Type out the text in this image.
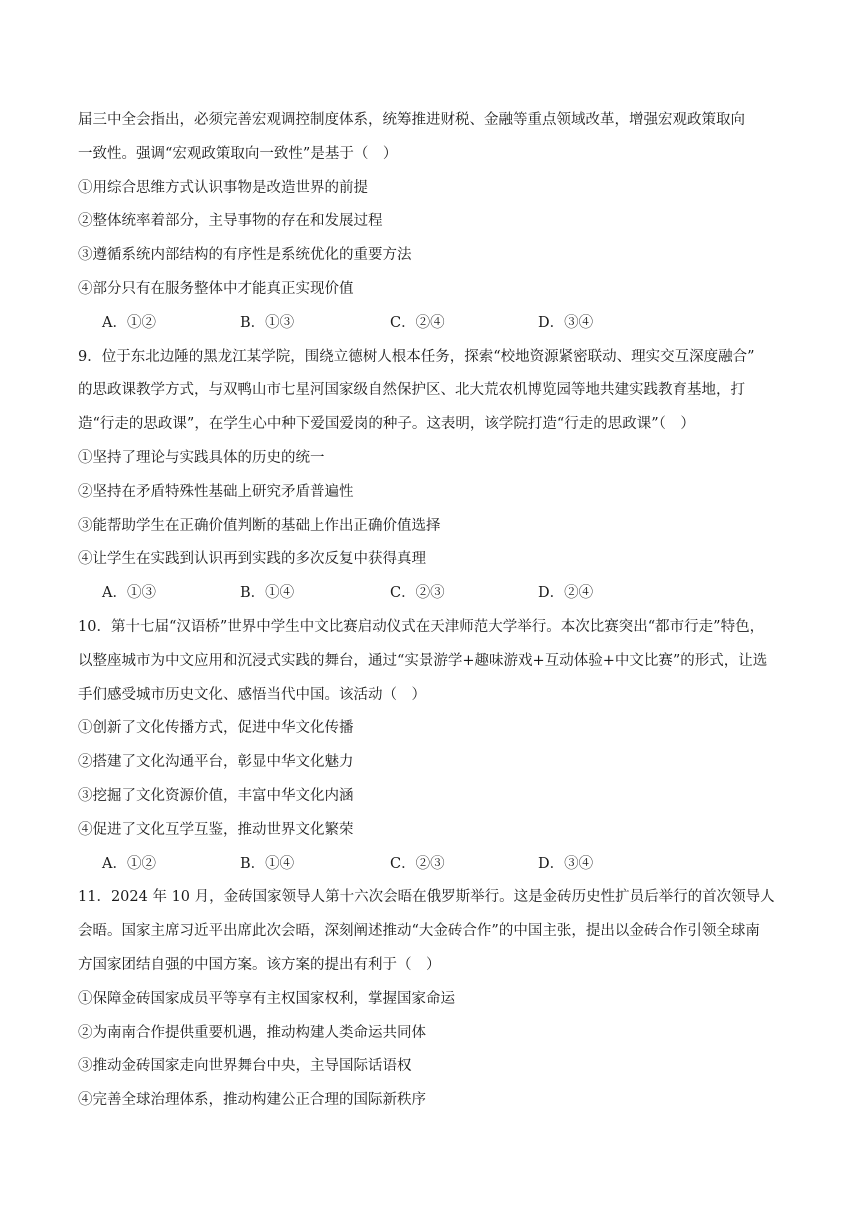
届三中全会指出，必须完善宏观调控制度体系，统筹推进财税、金融等重点领域改革，增强宏观政策取向
一致性。强调“宏观政策取向一致性”是基于（　）
①用综合思维方式认识事物是改造世界的前提
②整体统率着部分，主导事物的存在和发展过程
③遵循系统内部结构的有序性是系统优化的重要方法
④部分只有在服务整体中才能真正实现价值
A．①②	B．①③	C．②④	D．③④
9．位于东北边陲的黑龙江某学院，围绕立德树人根本任务，探索“校地资源紧密联动、理实交互深度融合”
的思政课教学方式，与双鸭山市七星河国家级自然保护区、北大荒农机博览园等地共建实践教育基地，打
造“行走的思政课”，在学生心中种下爱国爱岗的种子。这表明，该学院打造“行走的思政课”（　）
①坚持了理论与实践具体的历史的统一
②坚持在矛盾特殊性基础上研究矛盾普遍性
③能帮助学生在正确价值判断的基础上作出正确价值选择
④让学生在实践到认识再到实践的多次反复中获得真理
A．①③	B．①④	C．②③	D．②④
10．第十七届“汉语桥”世界中学生中文比赛启动仪式在天津师范大学举行。本次比赛突出“都市行走”特色，
以整座城市为中文应用和沉浸式实践的舞台，通过“实景游学+趣味游戏+互动体验+中文比赛”的形式，让选
手们感受城市历史文化、感悟当代中国。该活动（　）
①创新了文化传播方式，促进中华文化传播
②搭建了文化沟通平台，彰显中华文化魅力
③挖掘了文化资源价值，丰富中华文化内涵
④促进了文化互学互鉴，推动世界文化繁荣
A．①②	B．①④	C．②③	D．③④
11．2024 年 10 月，金砖国家领导人第十六次会晤在俄罗斯举行。这是金砖历史性扩员后举行的首次领导人
会晤。国家主席习近平出席此次会晤，深刻阐述推动“大金砖合作”的中国主张，提出以金砖合作引领全球南
方国家团结自强的中国方案。该方案的提出有利于（　）
①保障金砖国家成员平等享有主权国家权利，掌握国家命运
②为南南合作提供重要机遇，推动构建人类命运共同体
③推动金砖国家走向世界舞台中央，主导国际话语权
④完善全球治理体系，推动构建公正合理的国际新秩序
